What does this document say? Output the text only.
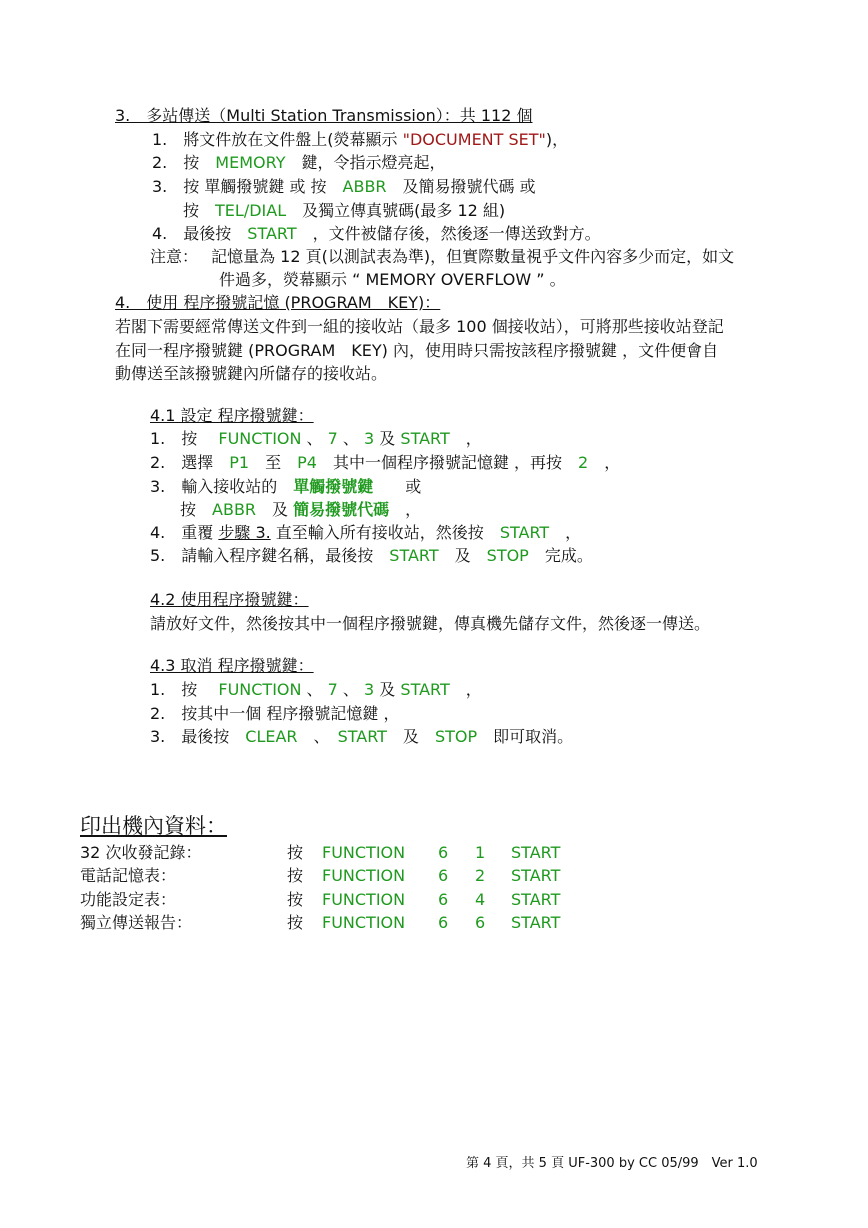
3.　多站傳送（Multi Station Transmission）：共 112 個
1.　將文件放在文件盤上(熒幕顯示 "DOCUMENT SET")，
2.　按　MEMORY　鍵，令指示燈亮起，
3.　按 單觸撥號鍵 或 按　ABBR　及簡易撥號代碼 或
按　TEL/DIAL　及獨立傳真號碼(最多 12 組)
4.　最後按　START　，文件被儲存後，然後逐一傳送致對方。
注意：　 記憶量為 12 頁(以測試表為準)，但實際數量視乎文件內容多少而定，如文
件過多，熒幕顯示 “ MEMORY OVERFLOW ” 。
4.　使用 程序撥號記憶 (PROGRAM　KEY)：
若閣下需要經常傳送文件到一組的接收站（最多 100 個接收站），可將那些接收站登記
在同一程序撥號鍵 (PROGRAM　KEY) 內，使用時只需按該程序撥號鍵 ，文件便會自
動傳送至該撥號鍵內所儲存的接收站。
4.1 設定 程序撥號鍵：
1.　按　 FUNCTION 、 7 、 3 及 START　，
2.　選擇　P1　至　P4　其中一個程序撥號記憶鍵 ，再按　2　，
3.　輸入接收站的　單觸撥號鍵　　或
按　ABBR　及 簡易撥號代碼　，
4.　重覆 步驟 3. 直至輸入所有接收站，然後按　START　，
5.　請輸入程序鍵名稱，最後按　START　及　STOP　完成。
4.2 使用程序撥號鍵：
請放好文件，然後按其中一個程序撥號鍵，傳真機先儲存文件，然後逐一傳送。
4.3 取消 程序撥號鍵：
1.　按　 FUNCTION 、 7 、 3 及 START　，
2.　按其中一個 程序撥號記憶鍵 ，
3.　最後按　CLEAR　、　START　及　STOP　即可取消。
印出機內資料：
32 次收發記錄：	按 FUNCTION 6 1 START
電話記憶表：	按 FUNCTION 6 2 START
功能設定表：	按 FUNCTION 6 4 START
獨立傳送報告：	按 FUNCTION 6 6 START
第 4 頁，共 5 頁 UF-300 by CC 05/99　Ver 1.0
